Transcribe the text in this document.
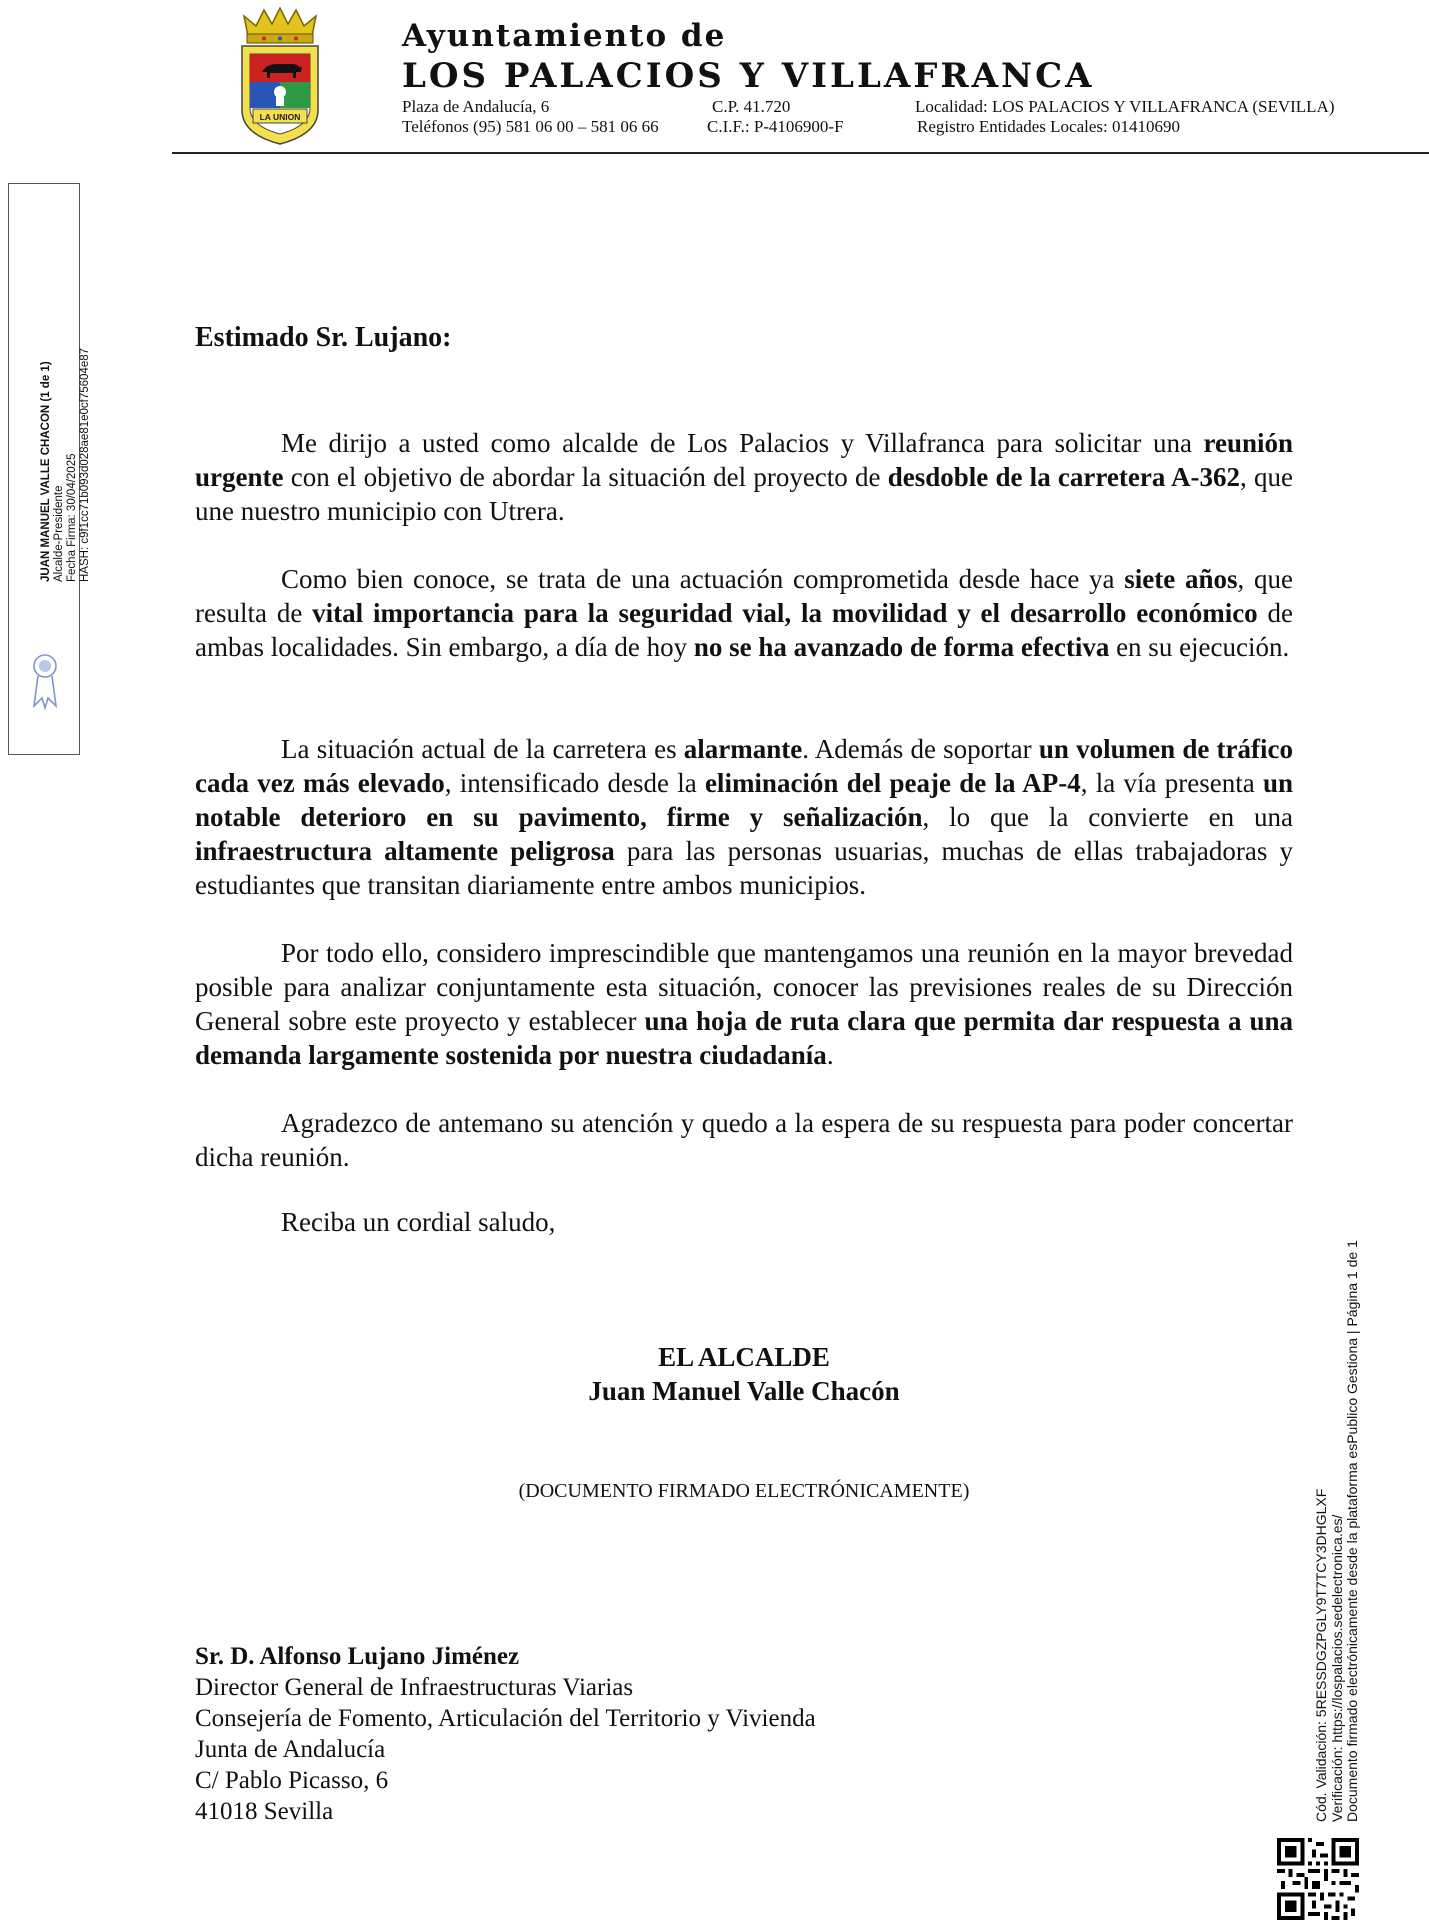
LA UNION
Ayuntamiento de
LOS PALACIOS Y VILLAFRANCA
Plaza de Andalucía, 6	C.P. 41.720	Localidad: LOS PALACIOS Y VILLAFRANCA (SEVILLA)
Teléfonos (95) 581 06 00 – 581 06 66	C.I.F.: P-4106900-F	Registro Entidades Locales: 01410690
JUAN MANUEL VALLE CHACON (1 de 1) Alcalde-Presidente Fecha Firma: 30/04/2025 HASH: c9f1cc71b093d028ae81e0cf75604e87
Estimado Sr. Lujano:

Me dirijo a usted como alcalde de Los Palacios y Villafranca para solicitar una reunión urgente con el objetivo de abordar la situación del proyecto de desdoble de la carretera A-362, que une nuestro municipio con Utrera.

Como bien conoce, se trata de una actuación comprometida desde hace ya siete años, que resulta de vital importancia para la seguridad vial, la movilidad y el desarrollo económico de ambas localidades. Sin embargo, a día de hoy no se ha avanzado de forma efectiva en su ejecución.

La situación actual de la carretera es alarmante. Además de soportar un volumen de tráfico cada vez más elevado, intensificado desde la eliminación del peaje de la AP-4, la vía presenta un notable deterioro en su pavimento, firme y señalización, lo que la convierte en una infraestructura altamente peligrosa para las personas usuarias, muchas de ellas trabajadoras y estudiantes que transitan diariamente entre ambos municipios.

Por todo ello, considero imprescindible que mantengamos una reunión en la mayor brevedad posible para analizar conjuntamente esta situación, conocer las previsiones reales de su Dirección General sobre este proyecto y establecer una hoja de ruta clara que permita dar respuesta a una demanda largamente sostenida por nuestra ciudadanía.

Agradezco de antemano su atención y quedo a la espera de su respuesta para poder concertar dicha reunión.

Reciba un cordial saludo,
EL ALCALDE
Juan Manuel Valle Chacón
(DOCUMENTO FIRMADO ELECTRÓNICAMENTE)
Sr. D. Alfonso Lujano Jiménez
Director General de Infraestructuras Viarias
Consejería de Fomento, Articulación del Territorio y Vivienda
Junta de Andalucía
C/ Pablo Picasso, 6
41018 Sevilla	Cód. Validación: 5RESSDGZPGLY9T7TCY3DHGLXF Verificación: https://lospalacios.sedelectronica.es/ Documento firmado electrónicamente desde la plataforma esPublico Gestiona | Página 1 de 1
